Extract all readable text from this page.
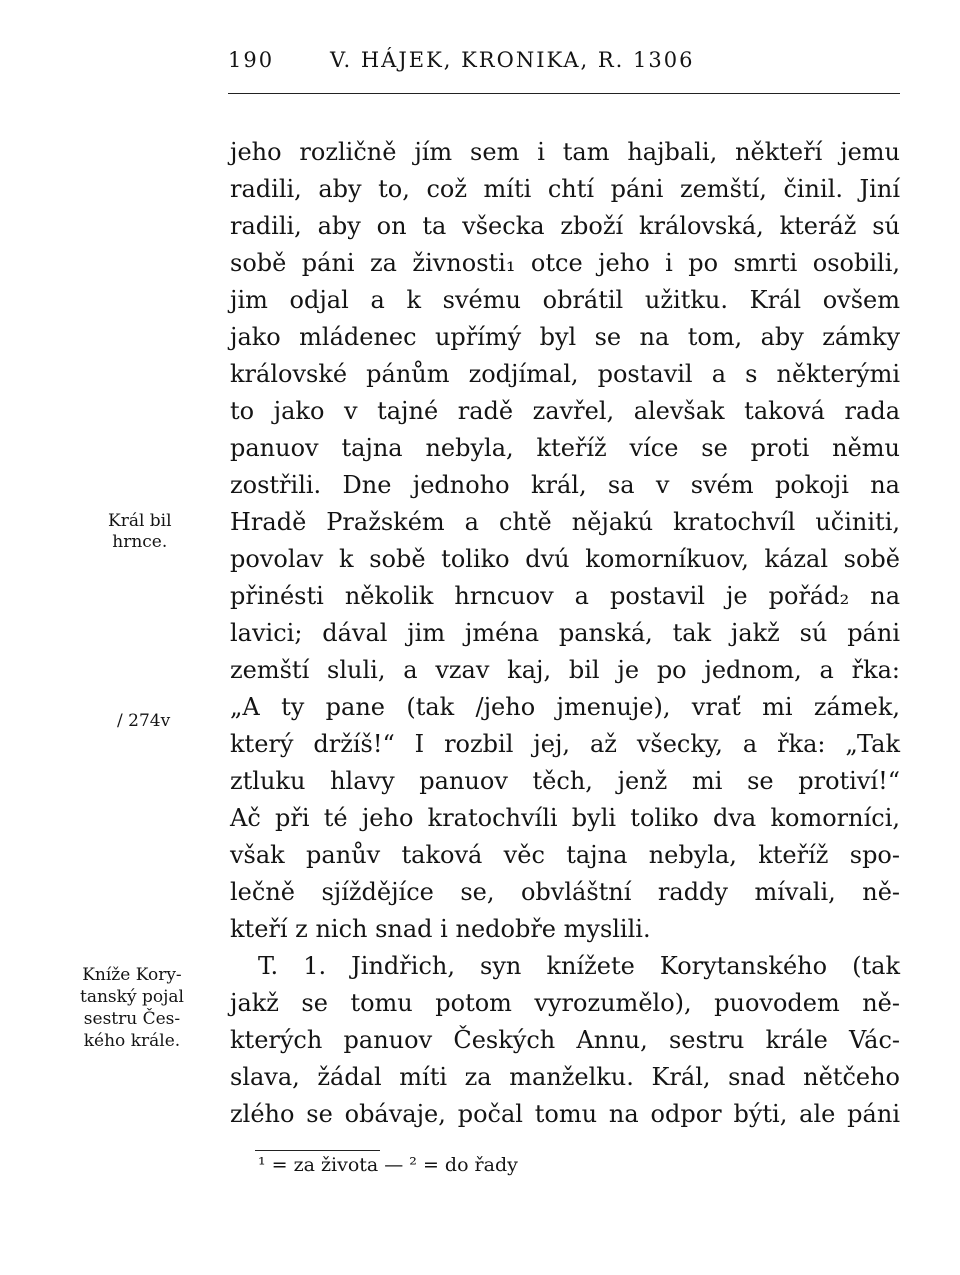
190	V. HÁJEK, KRONIKA, R. 1306
jeho rozličně jím sem i tam hajbali, někteří jemu
radili, aby to, což míti chtí páni zemští, činil. Jiní
radili, aby on ta všecka zboží královská, kteráž sú
sobě páni za živnosti₁ otce jeho i po smrti osobili,
jim odjal a k svému obrátil užitku. Král ovšem
jako mládenec upřímý byl se na tom, aby zámky
královské pánům zodjímal, postavil a s některými
to jako v tajné radě zavřel, alevšak taková rada
panuov tajna nebyla, kteříž více se proti němu
zostřili. Dne jednoho král, sa v svém pokoji na
Hradě Pražském a chtě nějakú kratochvíl učiniti,
povolav k sobě toliko dvú komorníkuov, kázal sobě
přinésti několik hrncuov a postavil je pořád₂ na
lavici; dával jim jména panská, tak jakž sú páni
zemští sluli, a vzav kaj, bil je po jednom, a řka:
„A ty pane (tak /jeho jmenuje), vrať mi zámek,
který držíš!“ I rozbil jej, až všecky, a řka: „Tak
ztluku hlavy panuov těch, jenž mi se protiví!“
Ač při té jeho kratochvíli byli toliko dva komorníci,
však panův taková věc tajna nebyla, kteříž spo-
lečně sjíždějíce se, obvláštní raddy mívali, ně-
kteří z nich snad i nedobře myslili.
T. 1. Jindřich, syn knížete Korytanského (tak
jakž se tomu potom vyrozumělo), puovodem ně-
kterých panuov Českých Annu, sestru krále Vác-
slava, žádal míti za manželku. Král, snad nětčeho
zlého se obávaje, počal tomu na odpor býti, ale páni
Král bil
hrnce.
/ 274v
Kníže Kory-
tanský pojal
sestru Čes-
kého krále.
¹ = za života — ² = do řady
